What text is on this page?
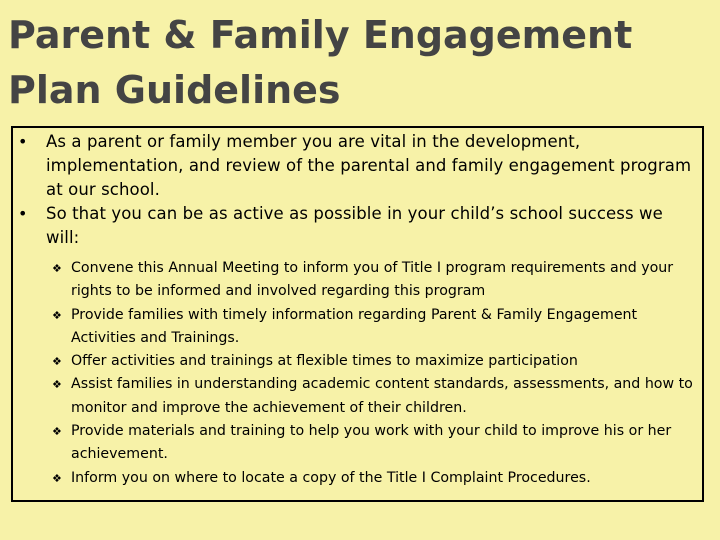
Parent & Family Engagement Plan Guidelines
•	As a parent or family member you are vital in the development, implementation, and review of the parental and family engagement program at our school.
•	So that you can be as active as possible in your child’s school success we will:
❖ Convene this Annual Meeting to inform you of Title I program requirements and your rights to be informed and involved regarding this program
❖ Provide families with timely information regarding Parent & Family Engagement Activities and Trainings.
❖ Offer activities and trainings at flexible times to maximize participation
❖ Assist families in understanding academic content standards, assessments, and how to monitor and improve the achievement of their children.
❖ Provide materials and training to help you work with your child to improve his or her achievement.
❖ Inform you on where to locate a copy of the Title I Complaint Procedures.
